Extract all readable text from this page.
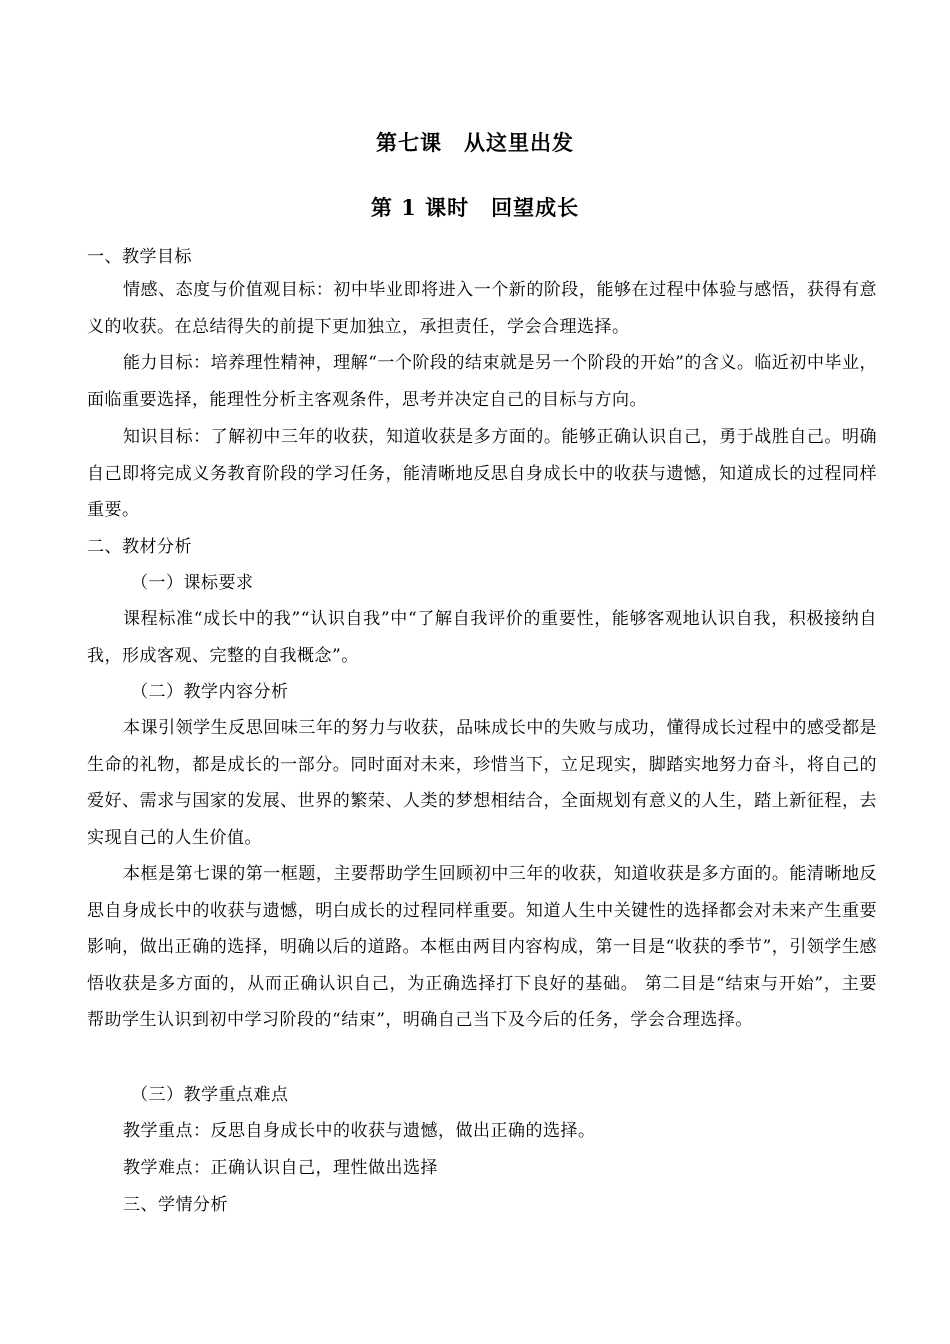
第七课　从这里出发
第 1 课时　回望成长
一、教学目标
情感、态度与价值观目标：初中毕业即将进入一个新的阶段，能够在过程中体验与感悟，获得有意义的收获。在总结得失的前提下更加独立，承担责任，学会合理选择。
能力目标：培养理性精神，理解“一个阶段的结束就是另一个阶段的开始”的含义。临近初中毕业，面临重要选择，能理性分析主客观条件，思考并决定自己的目标与方向。
知识目标：了解初中三年的收获，知道收获是多方面的。能够正确认识自己，勇于战胜自己。明确自己即将完成义务教育阶段的学习任务，能清晰地反思自身成长中的收获与遗憾，知道成长的过程同样重要。
二、教材分析
（一）课标要求
课程标准“成长中的我”“认识自我”中“了解自我评价的重要性，能够客观地认识自我，积极接纳自我，形成客观、完整的自我概念”。
（二）教学内容分析
本课引领学生反思回味三年的努力与收获，品味成长中的失败与成功，懂得成长过程中的感受都是生命的礼物，都是成长的一部分。同时面对未来，珍惜当下，立足现实，脚踏实地努力奋斗，将自己的爱好、需求与国家的发展、世界的繁荣、人类的梦想相结合，全面规划有意义的人生，踏上新征程，去实现自己的人生价值。
本框是第七课的第一框题，主要帮助学生回顾初中三年的收获，知道收获是多方面的。能清晰地反思自身成长中的收获与遗憾，明白成长的过程同样重要。知道人生中关键性的选择都会对未来产生重要影响，做出正确的选择，明确以后的道路。本框由两目内容构成，第一目是“收获的季节”，引领学生感悟收获是多方面的，从而正确认识自己，为正确选择打下良好的基础。 第二目是“结束与开始”，主要帮助学生认识到初中学习阶段的“结束”，明确自己当下及今后的任务，学会合理选择。
（三）教学重点难点
教学重点：反思自身成长中的收获与遗憾，做出正确的选择。
教学难点：正确认识自己，理性做出选择
三、学情分析
